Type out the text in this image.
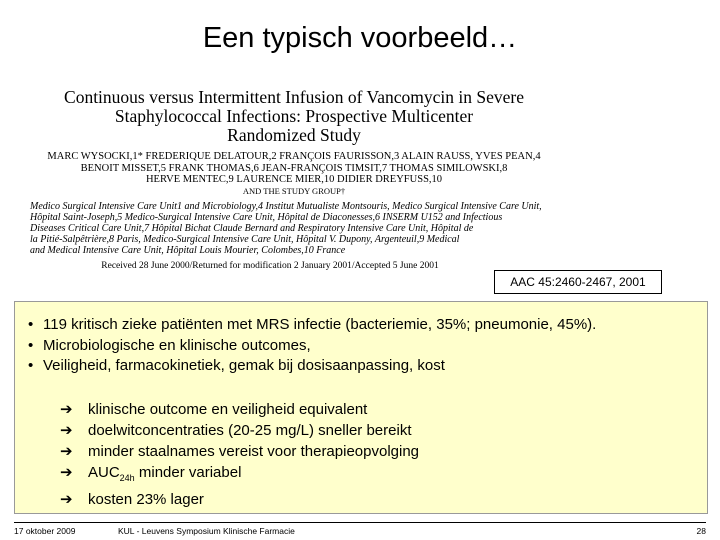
Een typisch voorbeeld…
Continuous versus Intermittent Infusion of Vancomycin in Severe
Staphylococcal Infections: Prospective Multicenter
Randomized Study
MARC WYSOCKI,1* FREDERIQUE DELATOUR,2 FRANÇOIS FAURISSON,3 ALAIN RAUSS, YVES PEAN,4
BENOIT MISSET,5 FRANK THOMAS,6 JEAN-FRANÇOIS TIMSIT,7 THOMAS SIMILOWSKI,8
HERVE MENTEC,9 LAURENCE MIER,10 DIDIER DREYFUSS,10
AND THE STUDY GROUP†
Medico Surgical Intensive Care Unit1 and Microbiology,4 Institut Mutualiste Montsouris, Medico Surgical Intensive Care Unit,
Hôpital Saint-Joseph,5 Medico-Surgical Intensive Care Unit, Hôpital de Diaconesses,6 INSERM U152 and Infectious
Diseases Critical Care Unit,7 Hôpital Bichat Claude Bernard and Respiratory Intensive Care Unit, Hôpital de
la Pitié-Salpêtrière,8 Paris, Medico-Surgical Intensive Care Unit, Hôpital V. Dupony, Argenteuil,9 Medical
and Medical Intensive Care Unit, Hôpital Louis Mourier, Colombes,10 France
Received 28 June 2000/Returned for modification 2 January 2001/Accepted 5 June 2001
AAC 45:2460-2467, 2001
• 119 kritisch zieke patiënten met MRS infectie (bacteriemie, 35%; pneumonie, 45%).
• Microbiologische en klinische outcomes,
• Veiligheid, farmacokinetiek, gemak bij dosisaanpassing, kost
➔ klinische outcome en veiligheid equivalent
➔ doelwitconcentraties (20-25 mg/L) sneller bereikt
➔ minder staalnames vereist voor therapieopvolging
➔ $AUC_{24h}$ minder variabel
➔ kosten 23% lager
17 oktober 2009	KUL - Leuvens Symposium Klinische Farmacie	28
